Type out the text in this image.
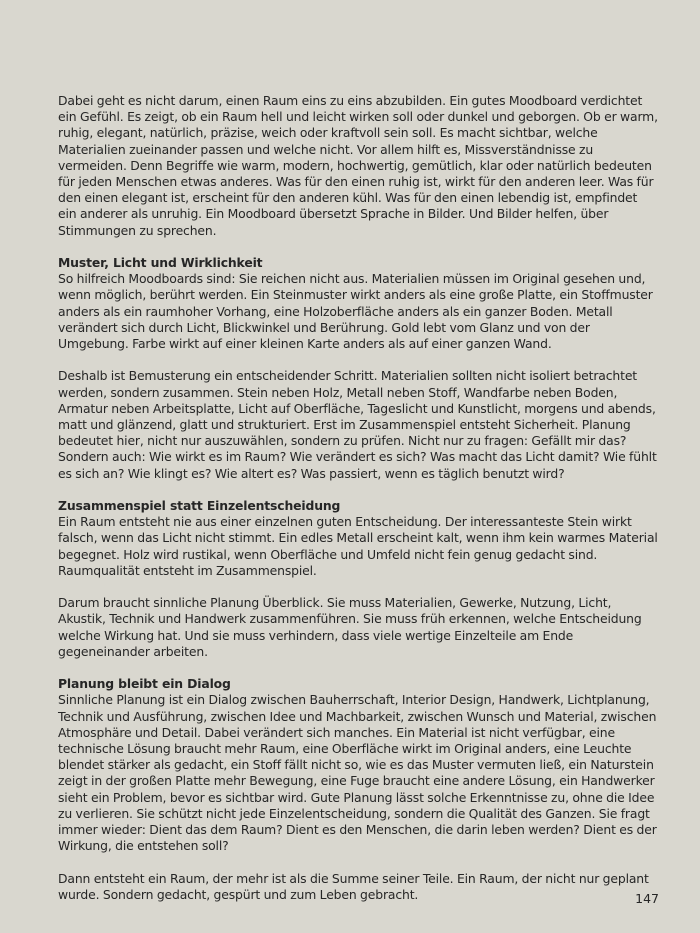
Dabei geht es nicht darum, einen Raum eins zu eins abzubilden. Ein gutes Moodboard verdichtet ein Gefühl. Es zeigt, ob ein Raum hell und leicht wirken soll oder dunkel und geborgen. Ob er warm, ruhig, elegant, natürlich, präzise, weich oder kraftvoll sein soll. Es macht sichtbar, welche Materialien zueinander passen und welche nicht. Vor allem hilft es, Missverständnisse zu vermeiden. Denn Begriffe wie warm, modern, hochwertig, gemütlich, klar oder natürlich bedeuten für jeden Menschen etwas anderes. Was für den einen ruhig ist, wirkt für den anderen leer. Was für den einen elegant ist, erscheint für den anderen kühl. Was für den einen lebendig ist, empfindet ein anderer als unruhig. Ein Moodboard übersetzt Sprache in Bilder. Und Bilder helfen, über Stimmungen zu sprechen.

Muster, Licht und Wirklichkeit

So hilfreich Moodboards sind: Sie reichen nicht aus. Materialien müssen im Original gesehen und, wenn möglich, berührt werden. Ein Steinmuster wirkt anders als eine große Platte, ein Stoffmuster anders als ein raumhoher Vorhang, eine Holzoberfläche anders als ein ganzer Boden. Metall verändert sich durch Licht, Blickwinkel und Berührung. Gold lebt vom Glanz und von der Umgebung. Farbe wirkt auf einer kleinen Karte anders als auf einer ganzen Wand.

Deshalb ist Bemusterung ein entscheidender Schritt. Materialien sollten nicht isoliert betrachtet werden, sondern zusammen. Stein neben Holz, Metall neben Stoff, Wandfarbe neben Boden, Armatur neben Arbeitsplatte, Licht auf Oberfläche, Tageslicht und Kunstlicht, morgens und abends, matt und glänzend, glatt und strukturiert. Erst im Zusammenspiel entsteht Sicherheit. Planung bedeutet hier, nicht nur auszuwählen, sondern zu prüfen. Nicht nur zu fragen: Gefällt mir das? Sondern auch: Wie wirkt es im Raum? Wie verändert es sich? Was macht das Licht damit? Wie fühlt es sich an? Wie klingt es? Wie altert es? Was passiert, wenn es täglich benutzt wird?

Zusammenspiel statt Einzelentscheidung

Ein Raum entsteht nie aus einer einzelnen guten Entscheidung. Der interessanteste Stein wirkt falsch, wenn das Licht nicht stimmt. Ein edles Metall erscheint kalt, wenn ihm kein warmes Material begegnet. Holz wird rustikal, wenn Oberfläche und Umfeld nicht fein genug gedacht sind. Raumqualität entsteht im Zusammenspiel.

Darum braucht sinnliche Planung Überblick. Sie muss Materialien, Gewerke, Nutzung, Licht, Akustik, Technik und Handwerk zusammenführen. Sie muss früh erkennen, welche Entscheidung welche Wirkung hat. Und sie muss verhindern, dass viele wertige Einzelteile am Ende gegeneinander arbeiten.

Planung bleibt ein Dialog

Sinnliche Planung ist ein Dialog zwischen Bauherrschaft, Interior Design, Handwerk, Lichtplanung, Technik und Ausführung, zwischen Idee und Machbarkeit, zwischen Wunsch und Material, zwischen Atmosphäre und Detail. Dabei verändert sich manches. Ein Material ist nicht verfügbar, eine technische Lösung braucht mehr Raum, eine Oberfläche wirkt im Original anders, eine Leuchte blendet stärker als gedacht, ein Stoff fällt nicht so, wie es das Muster vermuten ließ, ein Naturstein zeigt in der großen Platte mehr Bewegung, eine Fuge braucht eine andere Lösung, ein Handwerker sieht ein Problem, bevor es sichtbar wird. Gute Planung lässt solche Erkenntnisse zu, ohne die Idee zu verlieren. Sie schützt nicht jede Einzelentscheidung, sondern die Qualität des Ganzen. Sie fragt immer wieder: Dient das dem Raum? Dient es den Menschen, die darin leben werden? Dient es der Wirkung, die entstehen soll?

Dann entsteht ein Raum, der mehr ist als die Summe seiner Teile. Ein Raum, der nicht nur geplant wurde. Sondern gedacht, gespürt und zum Leben gebracht.	147
